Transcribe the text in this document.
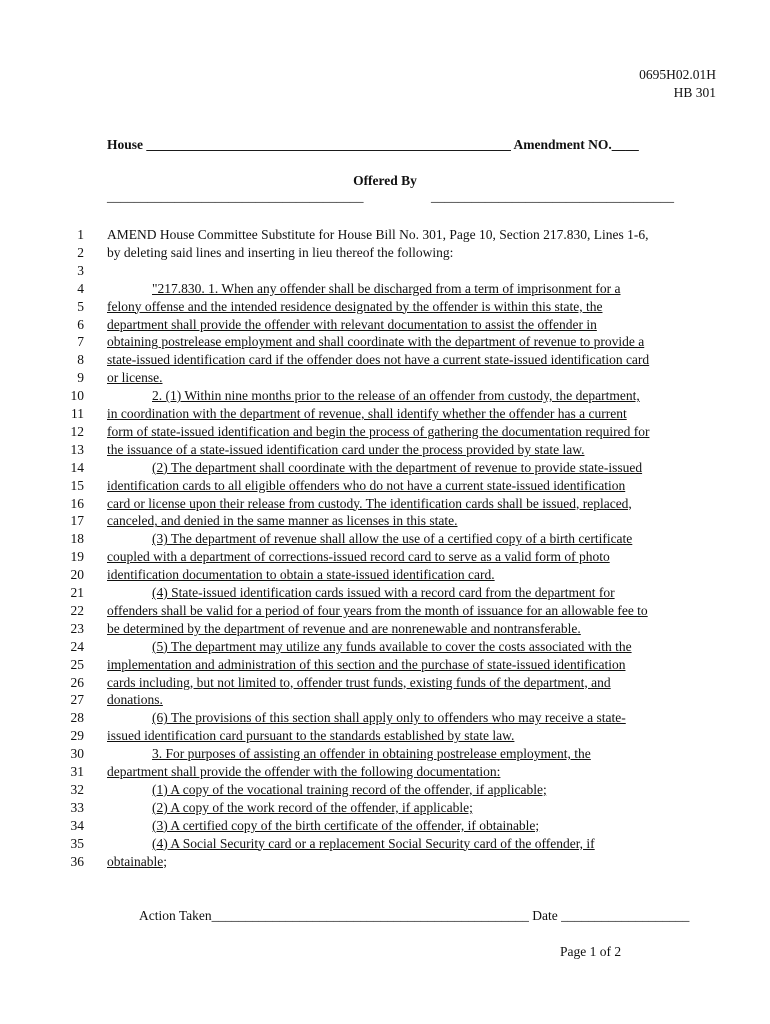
0695H02.01H
HB 301
House ______________________________________________________ Amendment NO.____
Offered By
______________________________________	____________________________________
1 AMEND House Committee Substitute for House Bill No. 301, Page 10, Section 217.830, Lines 1-6,
2 by deleting said lines and inserting in lieu thereof the following:
3
4	"217.830. 1. When any offender shall be discharged from a term of imprisonment for a
5 felony offense and the intended residence designated by the offender is within this state, the
6 department shall provide the offender with relevant documentation to assist the offender in
7 obtaining postrelease employment and shall coordinate with the department of revenue to provide a
8 state-issued identification card if the offender does not have a current state-issued identification card
9 or license.
10	2. (1) Within nine months prior to the release of an offender from custody, the department,
11 in coordination with the department of revenue, shall identify whether the offender has a current
12 form of state-issued identification and begin the process of gathering the documentation required for
13 the issuance of a state-issued identification card under the process provided by state law.
14	(2) The department shall coordinate with the department of revenue to provide state-issued
15 identification cards to all eligible offenders who do not have a current state-issued identification
16 card or license upon their release from custody. The identification cards shall be issued, replaced,
17 canceled, and denied in the same manner as licenses in this state.
18	(3) The department of revenue shall allow the use of a certified copy of a birth certificate
19 coupled with a department of corrections-issued record card to serve as a valid form of photo
20 identification documentation to obtain a state-issued identification card.
21	(4) State-issued identification cards issued with a record card from the department for
22 offenders shall be valid for a period of four years from the month of issuance for an allowable fee to
23 be determined by the department of revenue and are nonrenewable and nontransferable.
24	(5) The department may utilize any funds available to cover the costs associated with the
25 implementation and administration of this section and the purchase of state-issued identification
26 cards including, but not limited to, offender trust funds, existing funds of the department, and
27 donations.
28	(6) The provisions of this section shall apply only to offenders who may receive a state-
29 issued identification card pursuant to the standards established by state law.
30	3. For purposes of assisting an offender in obtaining postrelease employment, the
31 department shall provide the offender with the following documentation:
32	(1) A copy of the vocational training record of the offender, if applicable;
33	(2) A copy of the work record of the offender, if applicable;
34	(3) A certified copy of the birth certificate of the offender, if obtainable;
35	(4) A Social Security card or a replacement Social Security card of the offender, if
36 obtainable;
Action Taken_______________________________________________ Date ___________________
Page 1 of 2
